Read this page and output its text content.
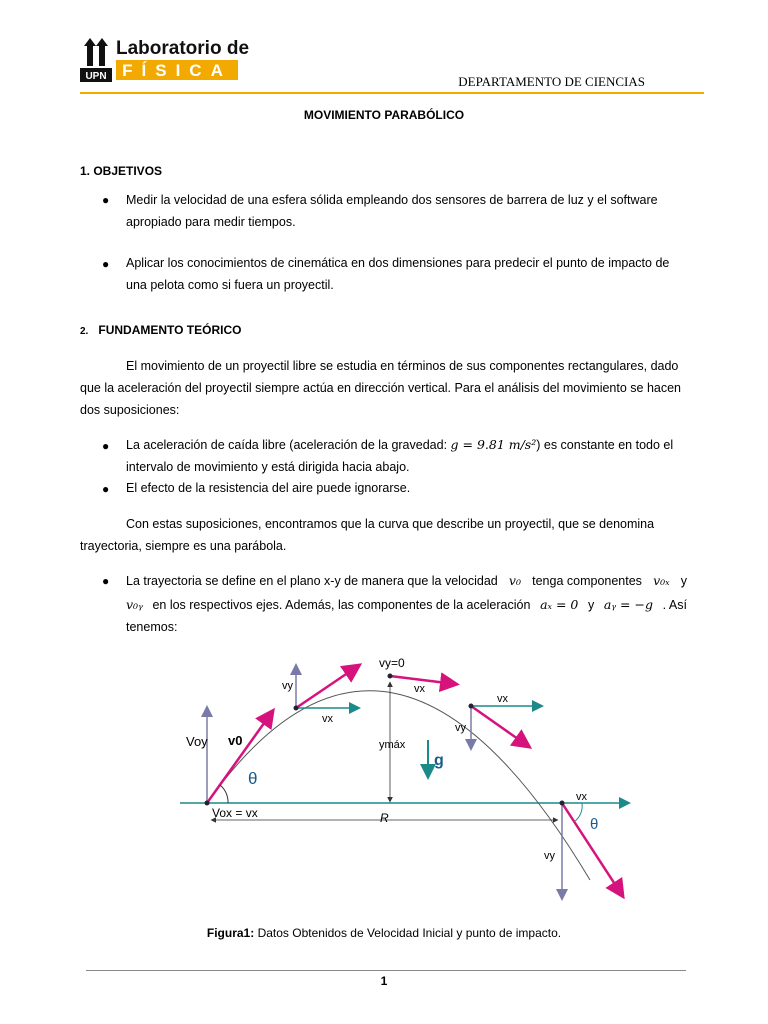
UPN
Laboratorio de
FÍSICA
DEPARTAMENTO DE CIENCIAS
MOVIMIENTO PARABÓLICO
1. OBJETIVOS
● Medir la velocidad de una esfera sólida empleando dos sensores de barrera de luz y el software
apropiado para medir tiempos.
● Aplicar los conocimientos de cinemática en dos dimensiones para predecir el punto de impacto de
una pelota como si fuera un proyectil.
2. FUNDAMENTO TEÓRICO
El movimiento de un proyectil libre se estudia en términos de sus componentes rectangulares, dado
que la aceleración del proyectil siempre actúa en dirección vertical. Para el análisis del movimiento se hacen
dos suposiciones:
● La aceleración de caída libre (aceleración de la gravedad: g = 9.81 m/s²) es constante en todo el
intervalo de movimiento y está dirigida hacia abajo.
● El efecto de la resistencia del aire puede ignorarse.
Con estas suposiciones, encontramos que la curva que describe un proyectil, que se denomina
trayectoria, siempre es una parábola.
● La trayectoria se define en el plano x-y de manera que la velocidad v₀ tenga componentes v₀ₓ y
v₀ᵧ en los respectivos ejes. Además, las componentes de la aceleración aₓ = 0 y aᵧ = −g . Así
tenemos:
vy=0
vy
vx
vx
vx
vy
Voy v0
θ
ymáx
g
vx
θ
Vox = vx	R
vy
Figura1: Datos Obtenidos de Velocidad Inicial y punto de impacto.
1
